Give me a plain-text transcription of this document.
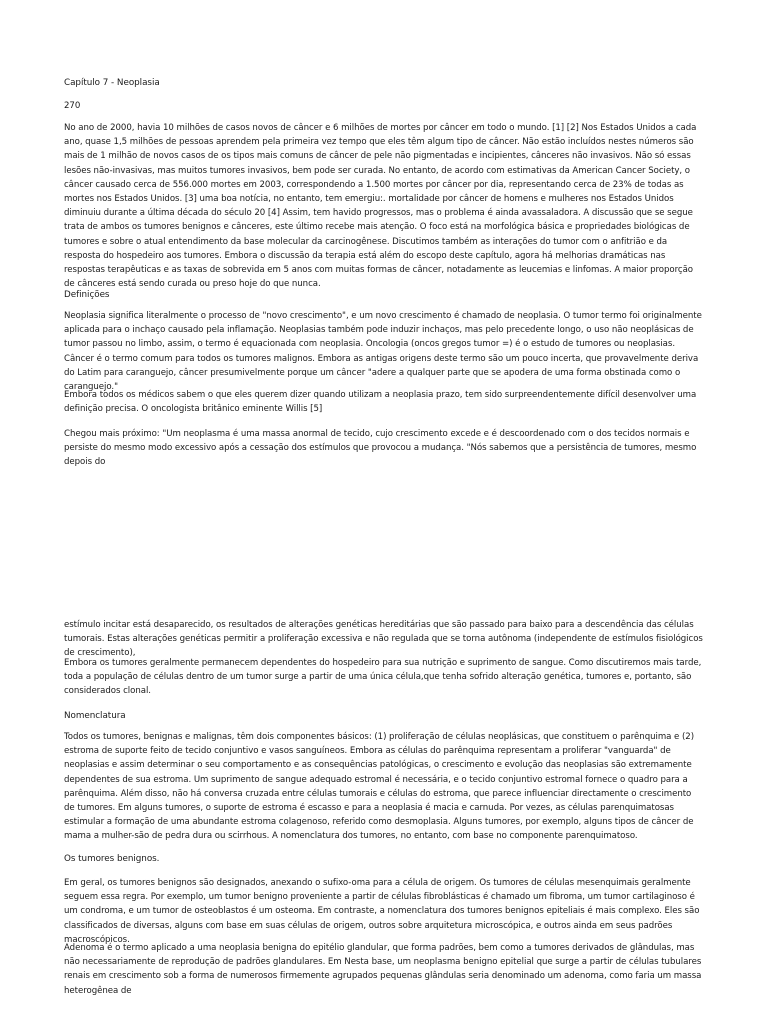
Capítulo 7 - Neoplasia

270

No ano de 2000, havia 10 milhões de casos novos de câncer e 6 milhões de mortes por câncer em todo o mundo. [1] [2] Nos Estados Unidos a cada ano, quase 1,5 milhões de pessoas aprendem pela primeira vez tempo que eles têm algum tipo de câncer. Não estão incluídos nestes números são mais de 1 milhão de novos casos de os tipos mais comuns de câncer de pele não pigmentadas e incipientes, cânceres não invasivos. Não só essas lesões não-invasivas, mas muitos tumores invasivos, bem pode ser curada. No entanto, de acordo com estimativas da American Cancer Society, o câncer causado cerca de 556.000 mortes em 2003, correspondendo a 1.500 mortes por câncer por dia, representando cerca de 23% de todas as mortes nos Estados Unidos. [3] uma boa notícia, no entanto, tem emergiu:. mortalidade por câncer de homens e mulheres nos Estados Unidos diminuiu durante a última década do século 20 [4] Assim, tem havido progressos, mas o problema é ainda avassaladora. A discussão que se segue trata de ambos os tumores benignos e cânceres, este último recebe mais atenção. O foco está na morfológica básica e propriedades biológicas de tumores e sobre o atual entendimento da base molecular da carcinogênese. Discutimos também as interações do tumor com o anfitrião e da resposta do hospedeiro aos tumores. Embora o discussão da terapia está além do escopo deste capítulo, agora há melhorias dramáticas nas respostas terapêuticas e as taxas de sobrevida em 5 anos com muitas formas de câncer, notadamente as leucemias e linfomas. A maior proporção de cânceres está sendo curada ou preso hoje do que nunca.

Definições

Neoplasia significa literalmente o processo de "novo crescimento", e um novo crescimento é chamado de neoplasia. O tumor termo foi originalmente aplicada para o inchaço causado pela inflamação. Neoplasias também pode induzir inchaços, mas pelo precedente longo, o uso não neoplásicas de tumor passou no limbo, assim, o termo é equacionada com neoplasia. Oncologia (oncos gregos tumor =) é o estudo de tumores ou neoplasias. Câncer é o termo comum para todos os tumores malignos. Embora as antigas origens deste termo são um pouco incerta, que provavelmente deriva do Latim para caranguejo, câncer presumivelmente porque um câncer "adere a qualquer parte que se apodera de uma forma obstinada como o caranguejo."

Embora todos os médicos sabem o que eles querem dizer quando utilizam a neoplasia prazo, tem sido surpreendentemente difícil desenvolver uma definição precisa. O oncologista britânico eminente Willis [5]

Chegou mais próximo: "Um neoplasma é uma massa anormal de tecido, cujo crescimento excede e é descoordenado com o dos tecidos normais e persiste do mesmo modo excessivo após a cessação dos estímulos que provocou a mudança. "Nós sabemos que a persistência de tumores, mesmo depois do

estímulo incitar está desaparecido, os resultados de alterações genéticas hereditárias que são passado para baixo para a descendência das células tumorais. Estas alterações genéticas permitir a proliferação excessiva e não regulada que se torna autônoma (independente de estímulos fisiológicos de crescimento),

Embora os tumores geralmente permanecem dependentes do hospedeiro para sua nutrição e suprimento de sangue. Como discutiremos mais tarde, toda a população de células dentro de um tumor surge a partir de uma única célula,que tenha sofrido alteração genética, tumores e, portanto, são considerados clonal.

Nomenclatura

Todos os tumores, benignas e malignas, têm dois componentes básicos: (1) proliferação de células neoplásicas, que constituem o parênquima e (2) estroma de suporte feito de tecido conjuntivo e vasos sanguíneos. Embora as células do parênquima representam a proliferar "vanguarda" de neoplasias e assim determinar o seu comportamento e as consequências patológicas, o crescimento e evolução das neoplasias são extremamente dependentes de sua estroma. Um suprimento de sangue adequado estromal é necessária, e o tecido conjuntivo estromal fornece o quadro para a parênquima. Além disso, não há conversa cruzada entre células tumorais e células do estroma, que parece influenciar directamente o crescimento de tumores. Em alguns tumores, o suporte de estroma é escasso e para a neoplasia é macia e carnuda. Por vezes, as células parenquimatosas estimular a formação de uma abundante estroma colagenoso, referido como desmoplasia. Alguns tumores, por exemplo, alguns tipos de câncer de mama a mulher-são de pedra dura ou scirrhous. A nomenclatura dos tumores, no entanto, com base no componente parenquimatoso.

Os tumores benignos.

Em geral, os tumores benignos são designados, anexando o sufixo-oma para a célula de origem. Os tumores de células mesenquimais geralmente seguem essa regra. Por exemplo, um tumor benigno proveniente a partir de células fibroblásticas é chamado um fibroma, um tumor cartilaginoso é um condroma, e um tumor de osteoblastos é um osteoma. Em contraste, a nomenclatura dos tumores benignos epiteliais é mais complexo. Eles são classificados de diversas, alguns com base em suas células de origem, outros sobre arquitetura microscópica, e outros ainda em seus padrões macroscópicos.

Adenoma é o termo aplicado a uma neoplasia benigna do epitélio glandular, que forma padrões, bem como a tumores derivados de glândulas, mas não necessariamente de reprodução de padrões glandulares. Em Nesta base, um neoplasma benigno epitelial que surge a partir de células tubulares renais em crescimento sob a forma de numerosos firmemente agrupados pequenas glândulas seria denominado um adenoma, como faria um massa heterogênea de
